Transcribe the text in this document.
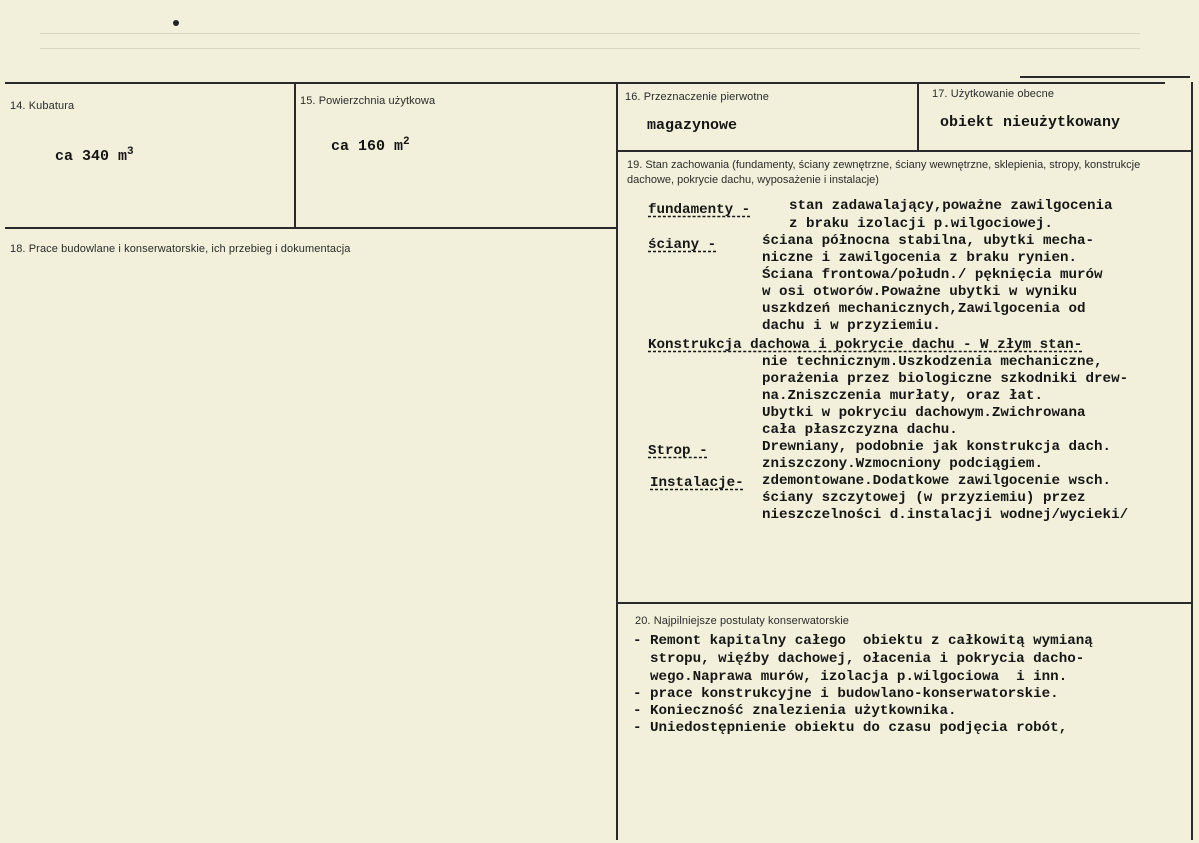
14. Kubatura
ca 340 $m^3$
15. Powierzchnia użytkowa
ca 160 $m^2$
16. Przeznaczenie pierwotne
magazynowe
17. Użytkowanie obecne
obiekt nieużytkowany
18. Prace budowlane i konserwatorskie, ich przebieg i dokumentacja
19. Stan zachowania (fundamenty, ściany zewnętrzne, ściany wewnętrzne, sklepienia, stropy, konstrukcje dachowe, pokrycie dachu, wyposażenie i instalacje)
fundamenty -	stan zadawalający,poważne zawilgocenia
z braku izolacji p.wilgociowej.
ściany -	ściana północna stabilna, ubytki mecha-
niczne i zawilgocenia z braku rynien.
Ściana frontowa/połudn./ pęknięcia murów
w osi otworów.Poważne ubytki w wyniku
uszkdzeń mechanicznych,Zawilgocenia od
dachu i w przyziemiu.
Konstrukcja dachowa i pokrycie dachu - W złym stan-
nie technicznym.Uszkodzenia mechaniczne,
porażenia przez biologiczne szkodniki drew-
na.Zniszczenia murłaty, oraz łat.
Ubytki w pokryciu dachowym.Zwichrowana
cała płaszczyzna dachu.
Strop -	Drewniany, podobnie jak konstrukcja dach.
zniszczony.Wzmocniony podciągiem.
Instalacje- zdemontowane.Dodatkowe zawilgocenie wsch.
ściany szczytowej (w przyziemiu) przez
nieszczelności d.instalacji wodnej/wycieki/
20. Najpilniejsze postulaty konserwatorskie
- Remont kapitalny całego  obiektu z całkowitą wymianą
stropu, więźby dachowej, ołacenia i pokrycia dacho-
wego.Naprawa murów, izolacja p.wilgociowa  i inn.
- prace konstrukcyjne i budowlano-konserwatorskie.
- Konieczność znalezienia użytkownika.
- Uniedostępnienie obiektu do czasu podjęcia robót,
